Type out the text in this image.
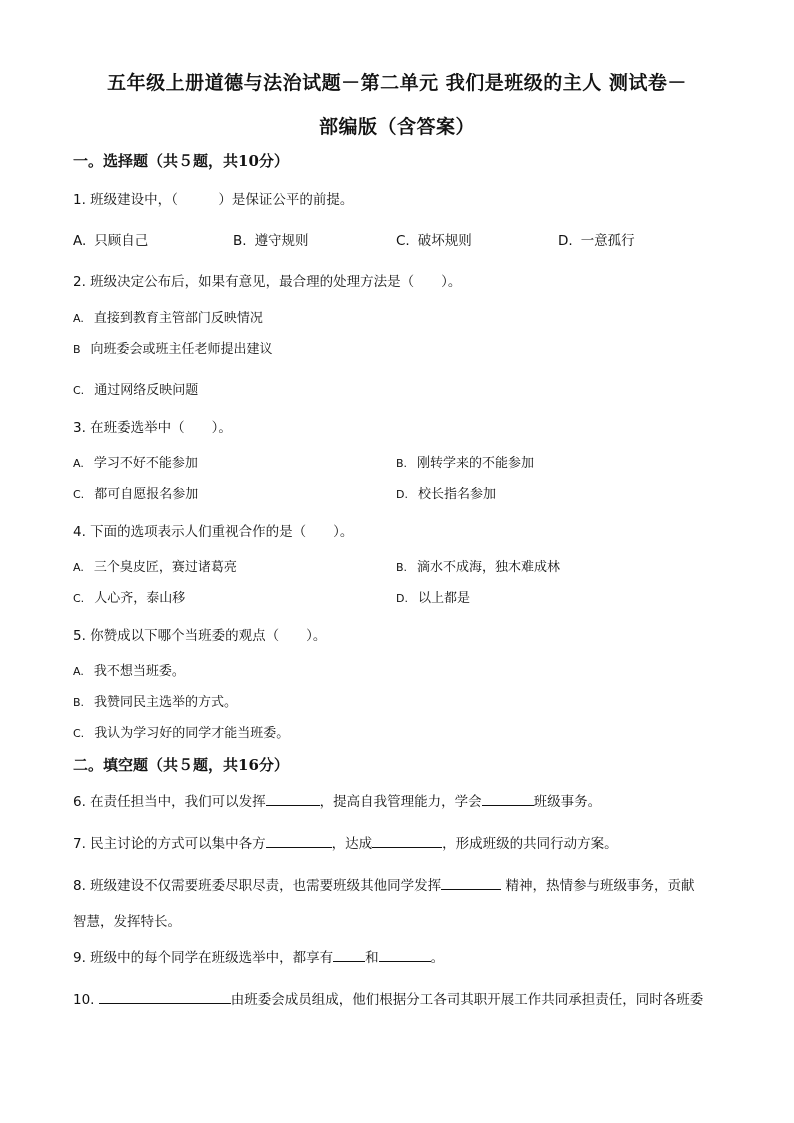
五年级上册道德与法治试题－第二单元 我们是班级的主人 测试卷－
部编版（含答案）
一。选择题（共５题，共10分）
1. 班级建设中，（　　　）是保证公平的前提。
A. 只顾自己	B. 遵守规则	C. 破坏规则	D. 一意孤行
2. 班级决定公布后，如果有意见，最合理的处理方法是（　　）。
A. 直接到教育主管部门反映情况
B 向班委会或班主任老师提出建议
C. 通过网络反映问题
3. 在班委选举中（　　）。
A. 学习不好不能参加	B. 刚转学来的不能参加
C. 都可自愿报名参加	D. 校长指名参加
4. 下面的选项表示人们重视合作的是（　　）。
A. 三个臭皮匠，赛过诸葛亮	B. 滴水不成海，独木难成林
C. 人心齐，泰山移	D. 以上都是
5. 你赞成以下哪个当班委的观点（　　）。
A. 我不想当班委。
B. 我赞同民主选举的方式。
C. 我认为学习好的同学才能当班委。
二。填空题（共５题，共16分）
6. 在责任担当中，我们可以发挥	，提高自我管理能力，学会	班级事务。
7. 民主讨论的方式可以集中各方	，达成	，形成班级的共同行动方案。
8. 班级建设不仅需要班委尽职尽责，也需要班级其他同学发挥	精神，热情参与班级事务，贡献
智慧，发挥特长。
9. 班级中的每个同学在班级选举中，都享有 和	。
10.	由班委会成员组成，他们根据分工各司其职开展工作共同承担责任，同时各班委
